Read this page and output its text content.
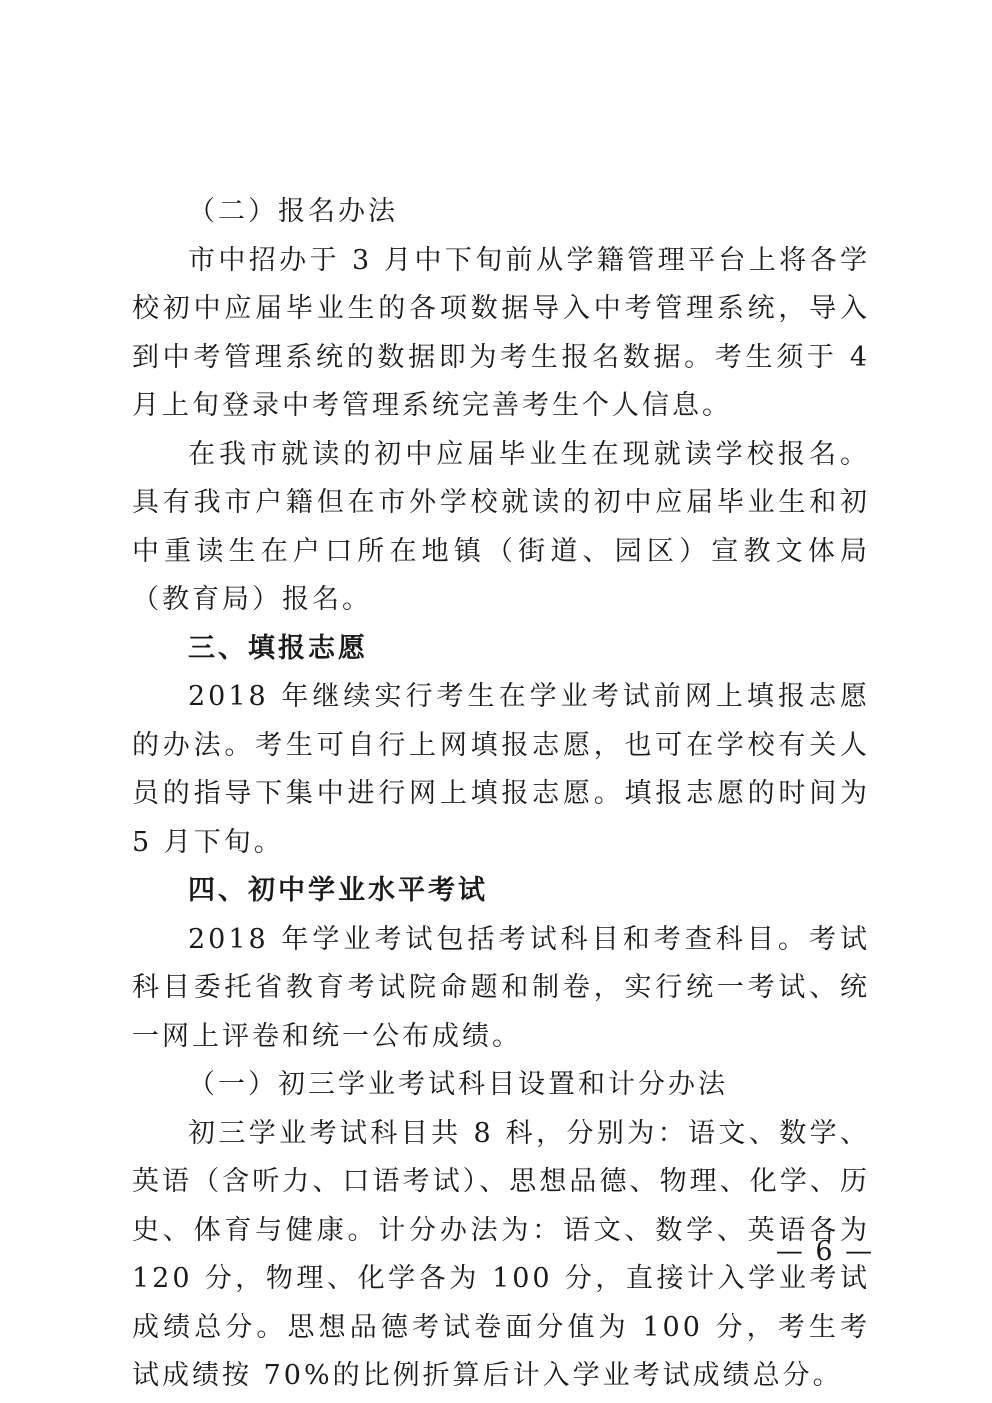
（二）报名办法

市中招办于 3 月中下旬前从学籍管理平台上将各学校初中应届毕业生的各项数据导入中考管理系统，导入到中考管理系统的数据即为考生报名数据。考生须于 4 月上旬登录中考管理系统完善考生个人信息。

在我市就读的初中应届毕业生在现就读学校报名。具有我市户籍但在市外学校就读的初中应届毕业生和初中重读生在户口所在地镇（街道、园区）宣教文体局（教育局）报名。

三、填报志愿

2018 年继续实行考生在学业考试前网上填报志愿的办法。考生可自行上网填报志愿，也可在学校有关人员的指导下集中进行网上填报志愿。填报志愿的时间为 5 月下旬。

四、初中学业水平考试

2018 年学业考试包括考试科目和考查科目。考试科目委托省教育考试院命题和制卷，实行统一考试、统一网上评卷和统一公布成绩。

（一）初三学业考试科目设置和计分办法

初三学业考试科目共 8 科，分别为：语文、数学、英语（含听力、口语考试）、思想品德、物理、化学、历史、体育与健康。计分办法为：语文、数学、英语各为 120 分，物理、化学各为 100 分，直接计入学业考试成绩总分。思想品德考试卷面分值为 100 分，考生考试成绩按 70%的比例折算后计入学业考试成绩总分。

— 6 —
